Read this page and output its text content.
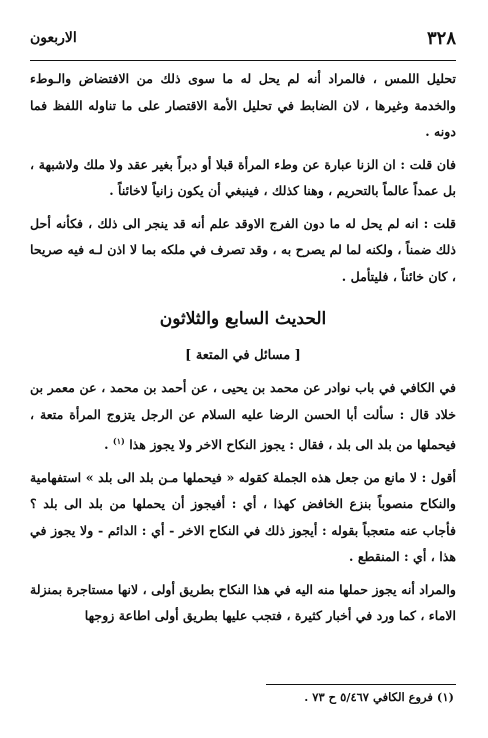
٣٢٨
الاربعون

تحليل اللمس ، فالمراد أنه لم يحل له ما سوى ذلك من الافتضاض والـوطء والخدمة وغيرها ، لان الضابط في تحليل الأمة الاقتصار على ما تناوله اللفظ فما دونه .

فان قلت : ان الزنا عبارة عن وطء المرأة قبلا أو دبراً بغير عقد ولا ملك ولاشبهة ، بل عمداً عالماً بالتحريم ، وهنا كذلك ، فينبغي أن يكون زانياً لاخائناً .

قلت : انه لم يحل له ما دون الفرج الاوقد علم أنه قد ينجر الى ذلك ، فكأنه أحل ذلك ضمناً ، ولكنه لما لم يصرح به ، وقد تصرف في ملكه بما لا اذن لـه فيه صريحا ، كان خائناً ، فليتأمل .

الحديث السابع والثلاثون
[ مسائل في المتعة ]

في الكافي في باب نوادر عن محمد بن يحيى ، عن أحمد بن محمد ، عن معمر بن خلاد قال : سألت أبا الحسن الرضا عليه السلام عن الرجل يتزوج المرأة متعة ، فيحملها من بلد الى بلد ، فقال : يجوز النكاح الاخر ولا يجوز هذا $^{(١)}$ .

أقول : لا مانع من جعل هذه الجملة كقوله « فيحملها مـن بلد الى بلد » استفهامية والنكاح منصوباً بنزع الخافض كهذا ، أي : أفيجوز أن يحملها من بلد الى بلد ؟ فأجاب عنه متعجباً بقوله : أيجوز ذلك في النكاح الاخر - أي : الدائم - ولا يجوز في هذا ، أي : المنقطع .

والمراد أنه يجوز حملها منه اليه في هذا النكاح بطريق أولى ، لانها مستاجرة بمنزلة الاماء ، كما ورد في أخبار كثيرة ، فتجب عليها بطريق أولى اطاعة زوجها

(١) فروع الكافي ٥/٤٦٧ ح ٧٣ .
